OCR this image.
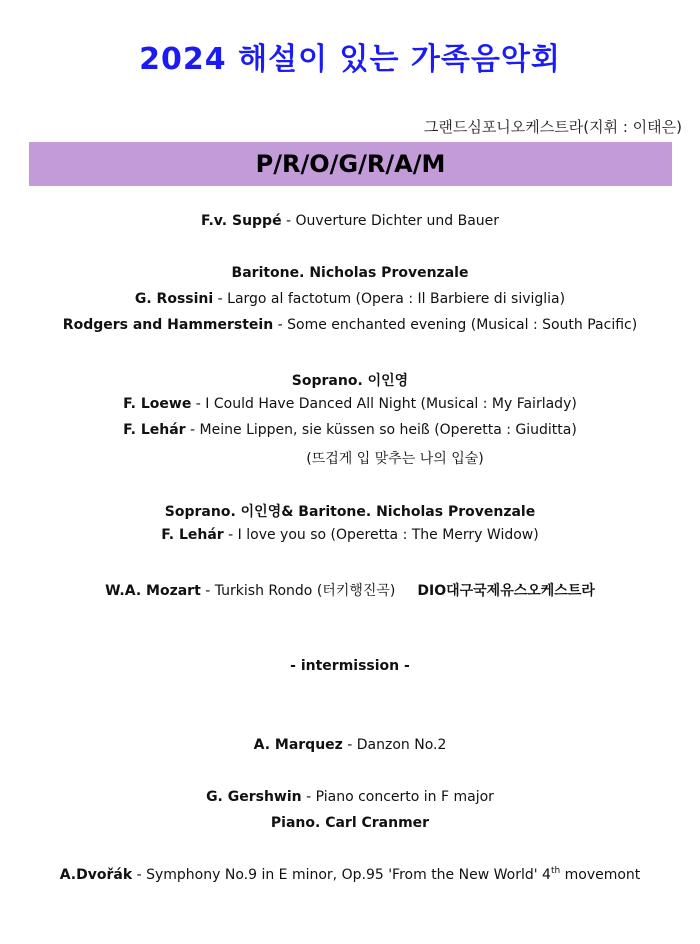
2024 해설이 있는 가족음악회
그랜드심포니오케스트라(지휘 : 이태은)
P/R/O/G/R/A/M
F.v. Suppé - Ouverture Dichter und Bauer
Baritone. Nicholas Provenzale
G. Rossini - Largo al factotum (Opera : Il Barbiere di siviglia)
Rodgers and Hammerstein - Some enchanted evening (Musical : South Pacific)
Soprano. 이인영
F. Loewe - I Could Have Danced All Night (Musical : My Fairlady)
F. Lehár - Meine Lippen, sie küssen so heiß (Operetta : Giuditta)
(뜨겁게 입 맞추는 나의 입술)
Soprano. 이인영& Baritone. Nicholas Provenzale
F. Lehár - I love you so (Operetta : The Merry Widow)
W.A. Mozart - Turkish Rondo (터키행진곡) DIO대구국제유스오케스트라
- intermission -
A. Marquez - Danzon No.2
G. Gershwin - Piano concerto in F major
Piano. Carl Cranmer
A.Dvořák - Symphony No.9 in E minor, Op.95 'From the New World' 4th movemont
